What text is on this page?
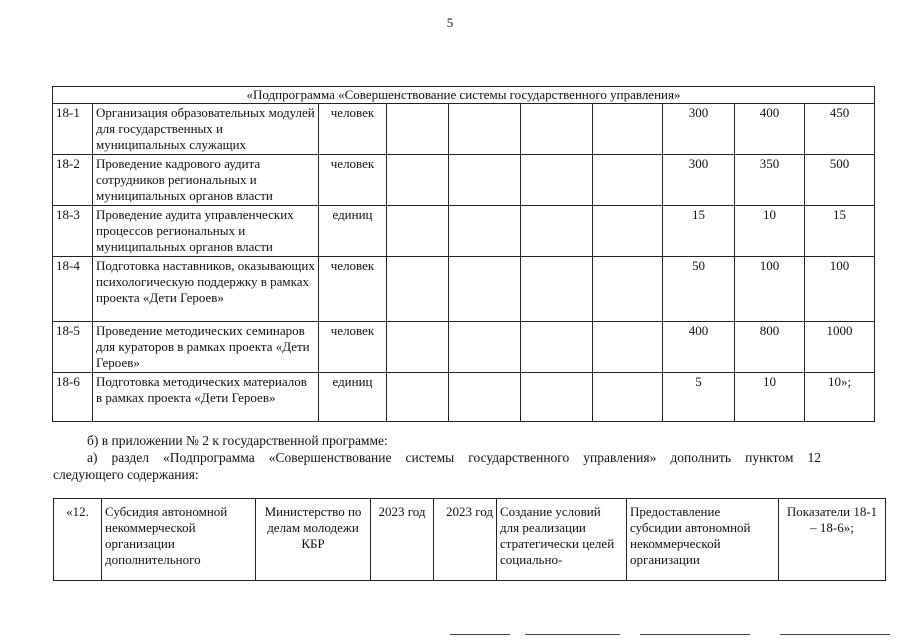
5
«Подпрограмма «Совершенствование системы государственного управления»									
18-1	Организация образовательных модулей для государственных и муниципальных служащих	человек					300	400	450
18-2	Проведение кадрового аудита сотрудников региональных и муниципальных органов власти	человек					300	350	500
18-3	Проведение аудита управленческих процессов региональных и муниципальных органов власти	единиц					15	10	15
18-4	Подготовка наставников, оказывающих психологическую поддержку в рамках проекта «Дети Героев»	человек					50	100	100
18-5	Проведение методических семинаров для кураторов в рамках проекта «Дети Героев»	человек					400	800	1000
18-6	Подготовка методических материалов в рамках проекта «Дети Героев»	единиц					5	10	10»;
б) в приложении № 2 к государственной программе:
а) раздел «Подпрограмма «Совершенствование системы государственного управления» дополнить пунктом 12
следующего содержания:
«12.	Субсидия автономной некоммерческой организации дополнительного	Министерство по делам молодежи КБР	2023 год	2023 год	Создание условий для реализации стратегически целей социально-	Предоставление субсидии автономной некоммерческой организации	Показатели 18-1 – 18-6»;
